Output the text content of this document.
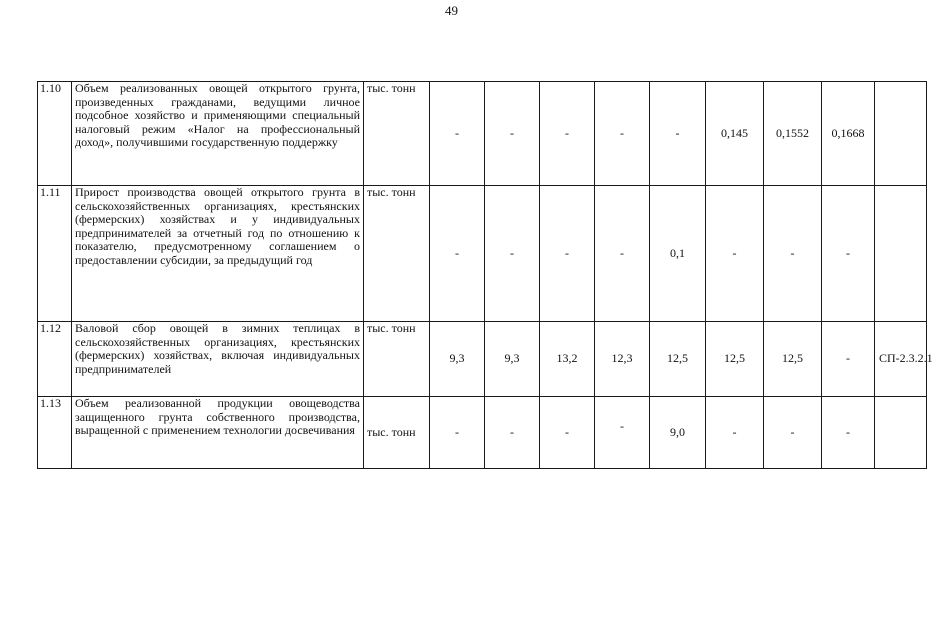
49
1.10	Объем реализованных овощей открытого грунта, произведенных гражданами, ведущими личное подсобное хозяйство и применяющими специальный налоговый режим «Налог на профессиональный доход», получившими государственную поддержку	тыс. тонн	-	-	-	-	-	0,145	0,1552	0,1668	
1.11	Прирост производства овощей открытого грунта в сельскохозяйственных организациях, крестьянских (фермерских) хозяйствах и у индивидуальных предпринимателей за отчетный год по отношению к показателю, предусмотренному соглашением о предоставлении субсидии, за предыдущий год	тыс. тонн	-	-	-	-	0,1	-	-	-	
1.12	Валовой сбор овощей в зимних теплицах в сельскохозяйственных организациях, крестьянских (фермерских) хозяйствах, включая индивидуальных предпринимателей	тыс. тонн	9,3	9,3	13,2	12,3	12,5	12,5	12,5	-	СП-2.3.2.1
1.13	Объем реализованной продукции овощеводства защищенного грунта собственного производства, выращенной с применением технологии досвечивания	тыс. тонн	-	-	-	-	9,0	-	-	-	
